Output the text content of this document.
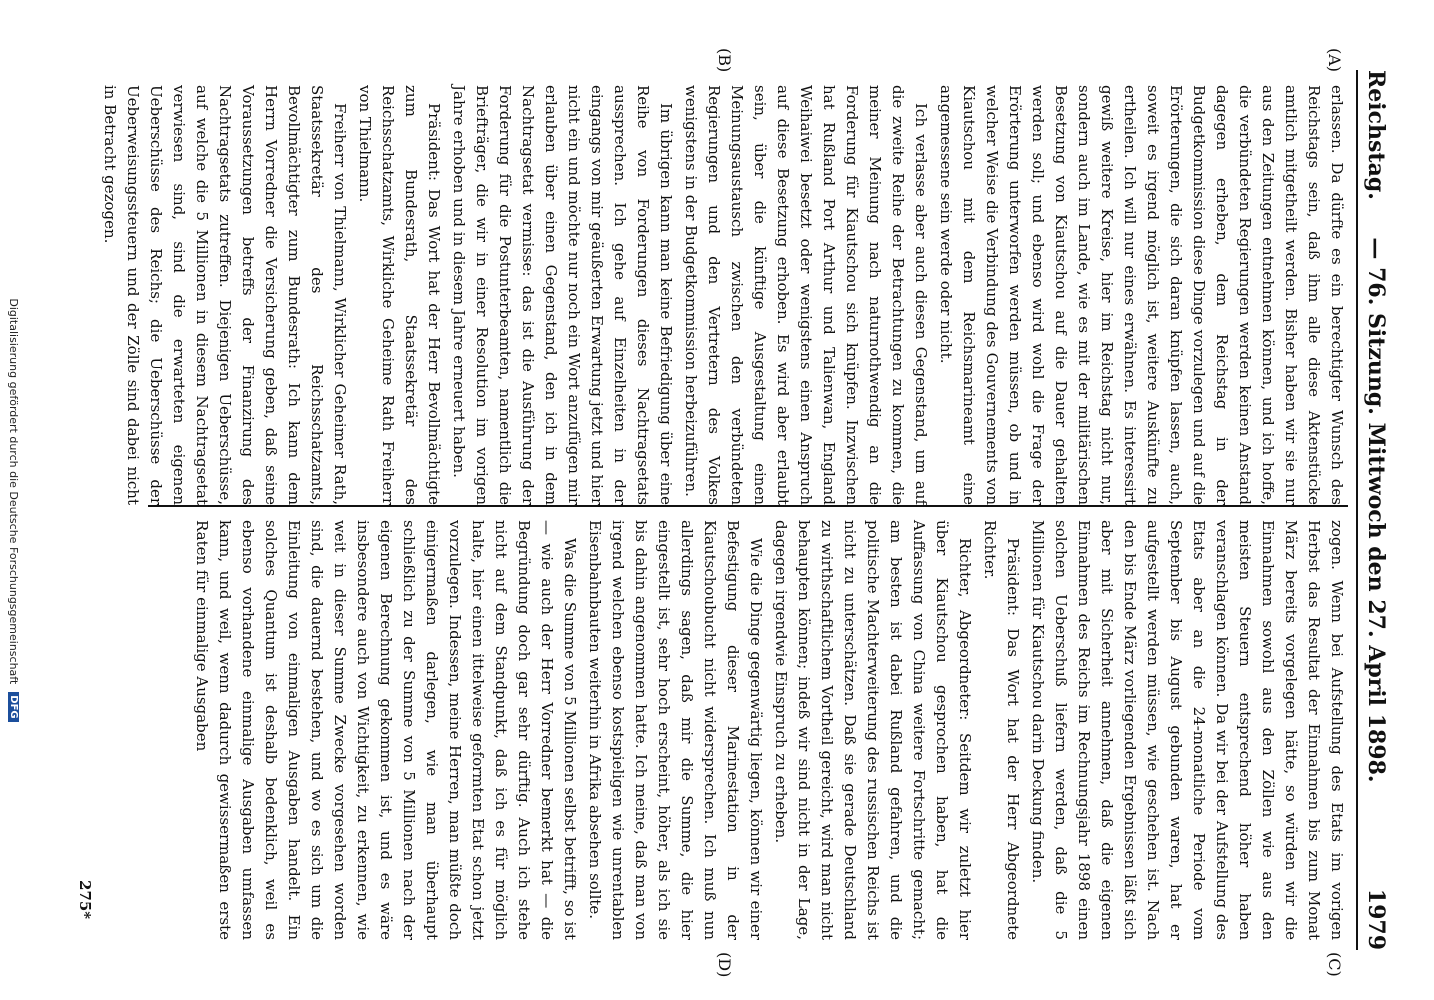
Reichstag.
— 76. Sitzung. Mittwoch den 27. April 1898.
1979
(A)
(B)
(C)
(D)

erlassen. Da dürfte es ein berechtigter Wunsch des Reichstags sein, daß ihm alle diese Aktenstücke amtlich mitgetheilt werden. Bisher haben wir sie nur aus den Zeitungen entnehmen können, und ich hoffe, die verbündeten Regierungen werden keinen Anstand dagegen erheben, dem Reichstag in der Budgetkommission diese Dinge vorzulegen und auf die Erörterungen, die sich daran knüpfen lassen, auch, soweit es irgend möglich ist, weitere Auskünfte zu ertheilen. Ich will nur eines erwähnen. Es interessirt gewiß weitere Kreise, hier im Reichstag nicht nur, sondern auch im Lande, wie es mit der militärischen Besetzung von Kiautschou auf die Dauer gehalten werden soll; und ebenso wird wohl die Frage der Erörterung unterworfen werden müssen, ob und in welcher Weise die Verbindung des Gouvernements von Kiautschou mit dem Reichsmarineamt eine angemessene sein werde oder nicht.

Ich verlasse aber auch diesen Gegenstand, um auf die zweite Reihe der Betrachtungen zu kommen, die meiner Meinung nach naturnothwendig an die Forderung für Kiautschou sich knüpfen. Inzwischen hat Rußland Port Arthur und Talienwan, England Weihaiwei besetzt oder wenigstens einen Anspruch auf diese Besetzung erhoben. Es wird aber erlaubt sein, über die künftige Ausgestaltung einen Meinungsaustausch zwischen den verbündeten Regierungen und den Vertretern des Volkes wenigstens in der Budgetkommission herbeizuführen.

Im übrigen kann man keine Befriedigung über eine Reihe von Forderungen dieses Nachtragsetats aussprechen. Ich gehe auf Einzelheiten in der eingangs von mir geäußerten Erwartung jetzt und hier nicht ein und möchte nur noch ein Wort anzufügen mir erlauben über einen Gegenstand, den ich in dem Nachtragsetat vermisse: das ist die Ausführung der Forderung für die Postunterbeamten, namentlich die Briefträger, die wir in einer Resolution im vorigen Jahre erhoben und in diesem Jahre erneuert haben.

Präsident: Das Wort hat der Herr Bevollmächtigte zum Bundesrath, Staatssekretär des Reichsschatzamts, Wirkliche Geheime Rath Freiherr von Thielmann.

Freiherr von Thielmann, Wirklicher Geheimer Rath, Staatssekretär des Reichsschatzamts, Bevollmächtigter zum Bundesrath: Ich kann dem Herrn Vorredner die Versicherung geben, daß seine Voraussetzungen betreffs der Finanzirung des Nachtragsetats zutreffen. Diejenigen Ueberschüsse, auf welche die 5 Millionen in diesem Nachtragsetat verwiesen sind, sind die erwarteten eigenen Ueberschüsse des Reichs; die Ueberschüsse der Ueberweisungssteuern und der Zölle sind dabei nicht in Betracht gezogen.

zogen. Wenn bei Aufstellung des Etats im vorigen Herbst das Resultat der Einnahmen bis zum Monat März bereits vorgelegen hätte, so würden wir die Einnahmen sowohl aus den Zöllen wie aus den meisten Steuern entsprechend höher haben veranschlagen können. Da wir bei der Aufstellung des Etats aber an die 24-monatliche Periode vom September bis August gebunden waren, hat er aufgestellt werden müssen, wie geschehen ist. Nach den bis Ende März vorliegenden Ergebnissen läßt sich aber mit Sicherheit annehmen, daß die eigenen Einnahmen des Reichs im Rechnungsjahr 1898 einen solchen Ueberschuß liefern werden, daß die 5 Millionen für Kiautschou darin Deckung finden.

Präsident: Das Wort hat der Herr Abgeordnete Richter.

Richter, Abgeordneter: Seitdem wir zuletzt hier über Kiautschou gesprochen haben, hat die Auffassung von China weitere Fortschritte gemacht; am besten ist dabei Rußland gefahren, und die politische Machterweiterung des russischen Reichs ist nicht zu unterschätzen. Daß sie gerade Deutschland zu wirthschaftlichem Vortheil gereicht, wird man nicht behaupten können; indeß wir sind nicht in der Lage, dagegen irgendwie Einspruch zu erheben.

Wie die Dinge gegenwärtig liegen, können wir einer Befestigung dieser Marinestation in der Kiautschoubucht nicht widersprechen. Ich muß nun allerdings sagen, daß mir die Summe, die hier eingestellt ist, sehr hoch erscheint, höher, als ich sie bis dahin angenommen hatte. Ich meine, daß man von irgend welchen ebenso kostspieligen wie unrentablen Eisenbahnbauten weiterhin in Afrika absehen sollte.

Was die Summe von 5 Millionen selbst betrifft, so ist — wie auch der Herr Vorredner bemerkt hat — die Begründung doch gar sehr dürftig. Auch ich stehe nicht auf dem Standpunkt, daß ich es für möglich halte, hier einen ittelweise geformten Etat schon jetzt vorzulegen. Indessen, meine Herren, man müßte doch einigermaßen darlegen, wie man überhaupt schließlich zu der Summe von 5 Millionen nach der eigenen Berechnung gekommen ist, und es wäre insbesondere auch von Wichtigkeit, zu erkennen, wie weit in dieser Summe Zwecke vorgesehen worden sind, die dauernd bestehen, und wo es sich um die Einleitung von einmaligen Ausgaben handelt. Ein solches Quantum ist deshalb bedenklich, weil es ebenso vorhandene einmalige Ausgaben umfassen kann, und weil, wenn dadurch gewissermaßen erste Raten für einmalige Ausgaben

275*
Digitalisierung gefördert durch die Deutsche Forschungsgemeinschaft
DFG
